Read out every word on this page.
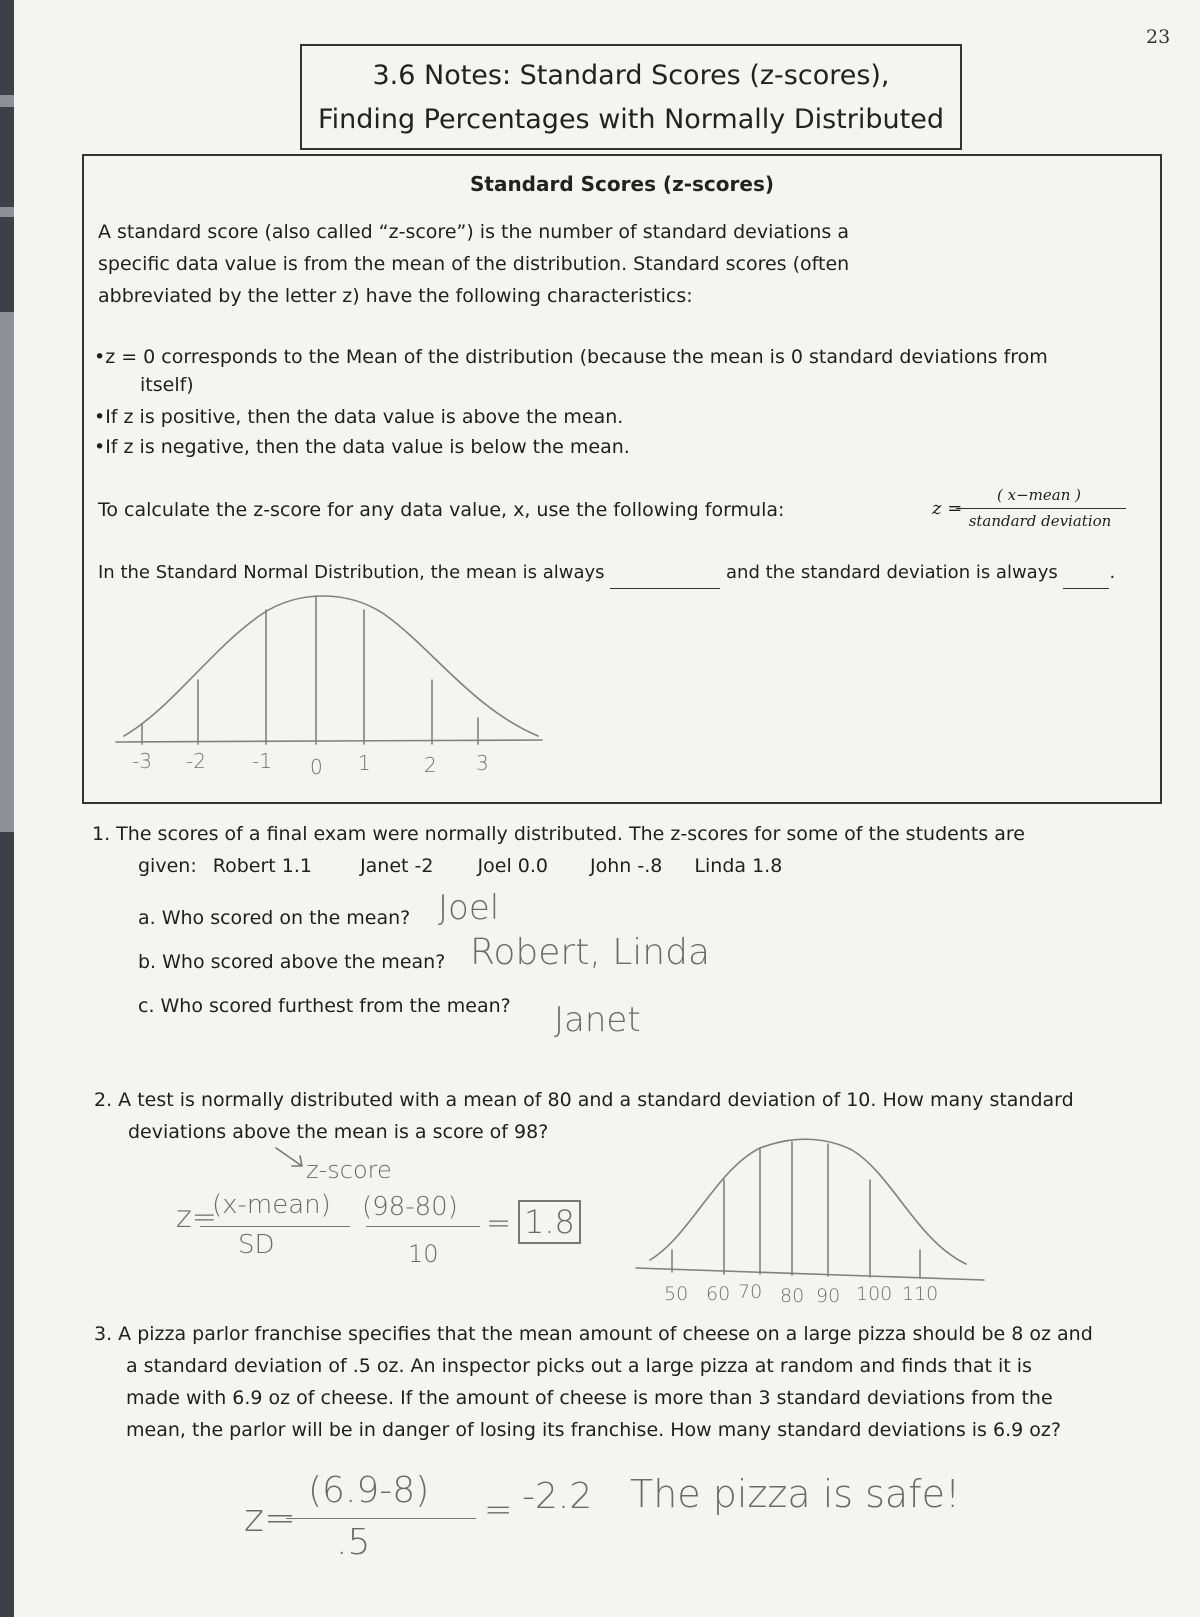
23
3.6 Notes: Standard Scores (z-scores),
Finding Percentages with Normally Distributed
Standard Scores (z-scores)
A standard score (also called “z-score”) is the number of standard deviations a
specific data value is from the mean of the distribution. Standard scores (often
abbreviated by the letter z) have the following characteristics:
•z = 0 corresponds to the Mean of the distribution (because the mean is 0 standard deviations from
itself)
•If z is positive, then the data value is above the mean.
•If z is negative, then the data value is below the mean.
To calculate the z-score for any data value, x, use the following formula:	z =
( x−mean )
standard deviation
In the Standard Normal Distribution, the mean is always	and the standard deviation is always	.
-3 -2 -1 0 1	2 3
1. The scores of a final exam were normally distributed. The z-scores for some of the students are
given: Robert 1.1	Janet -2 Joel 0.0 John -.8 Linda 1.8
a. Who scored on the mean? Joel
b. Who scored above the mean? Robert, Linda
c. Who scored furthest from the mean? Janet
2. A test is normally distributed with a mean of 80 and a standard deviation of 10. How many standard
deviations above the mean is a score of 98?
z-score
z=
(x-mean)
SD
(98-80)
10
= 1.8
50 60 70 80 90 100 110
3. A pizza parlor franchise specifies that the mean amount of cheese on a large pizza should be 8 oz and
a standard deviation of .5 oz. An inspector picks out a large pizza at random and finds that it is
made with 6.9 oz of cheese. If the amount of cheese is more than 3 standard deviations from the
mean, the parlor will be in danger of losing its franchise. How many standard deviations is 6.9 oz?
z=
(6.9-8)
.5
= -2.2 The pizza is safe!
